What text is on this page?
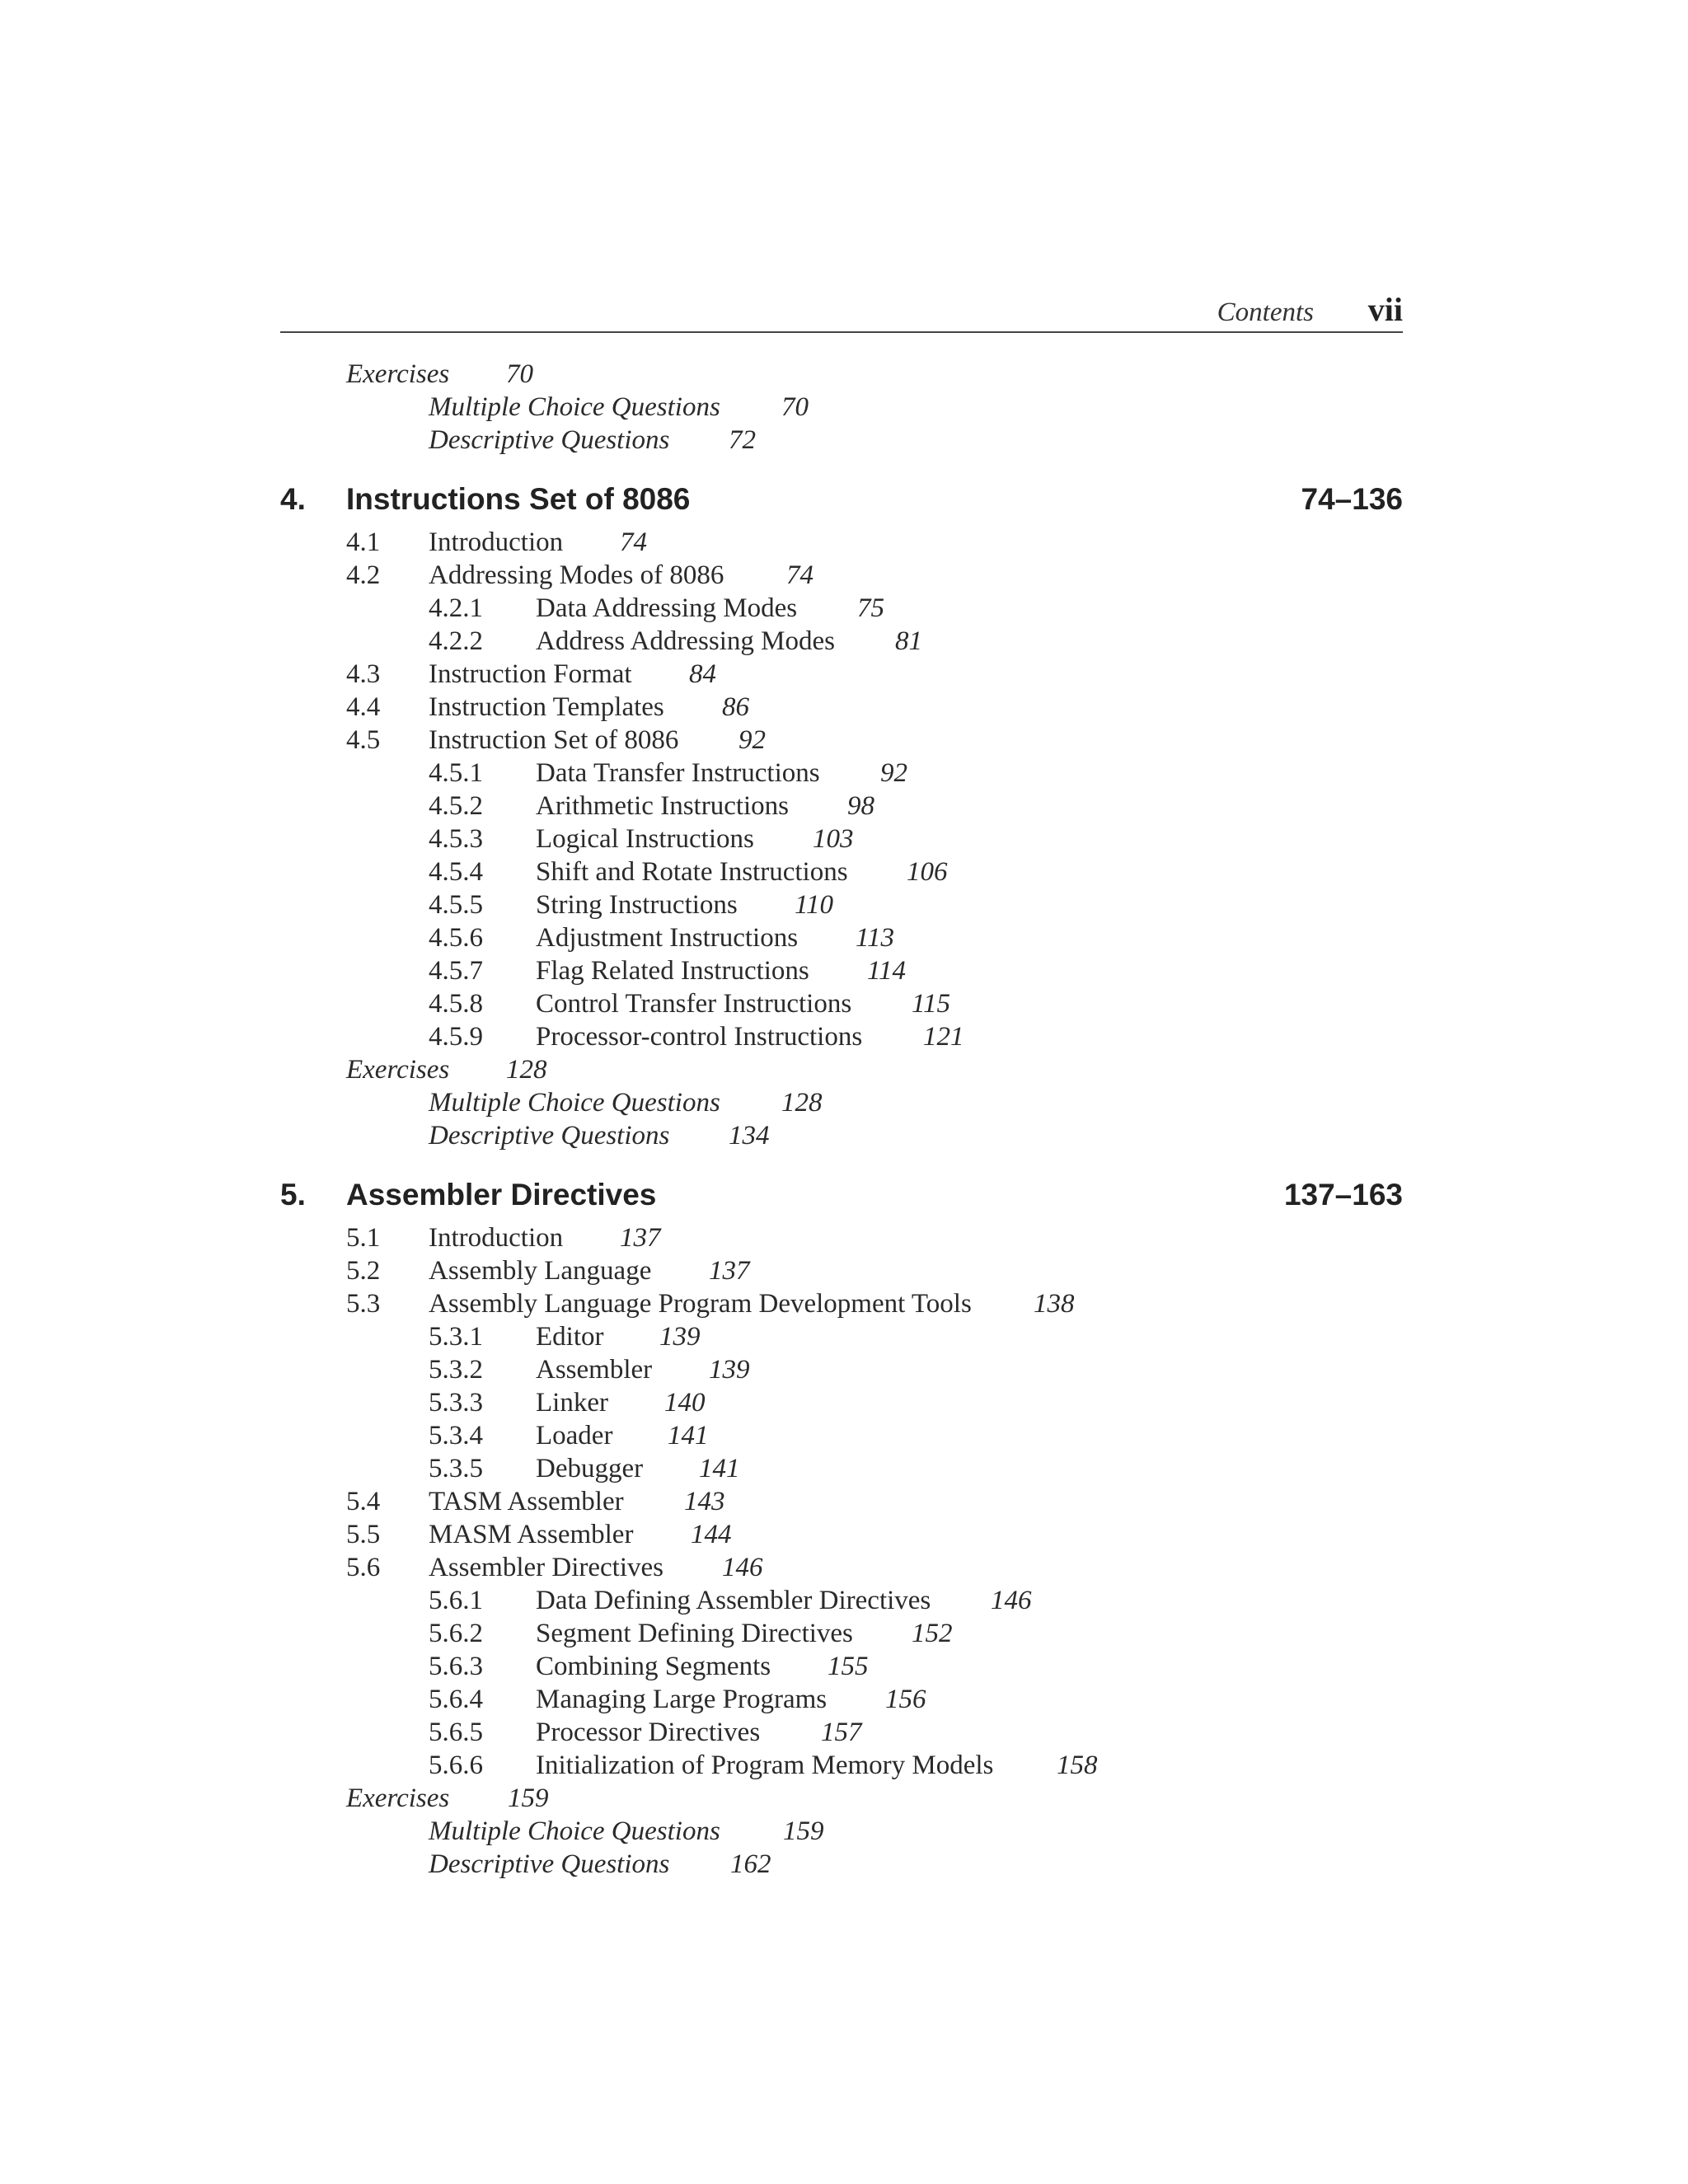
Contents vii
Exercises 70
Multiple Choice Questions 70
Descriptive Questions 72
4. Instructions Set of 8086	74–136
4.1 Introduction 74
4.2 Addressing Modes of 8086 74
4.2.1 Data Addressing Modes 75
4.2.2 Address Addressing Modes 81
4.3 Instruction Format 84
4.4 Instruction Templates 86
4.5 Instruction Set of 8086 92
4.5.1 Data Transfer Instructions 92
4.5.2 Arithmetic Instructions 98
4.5.3 Logical Instructions 103
4.5.4 Shift and Rotate Instructions 106
4.5.5 String Instructions 110
4.5.6 Adjustment Instructions 113
4.5.7 Flag Related Instructions 114
4.5.8 Control Transfer Instructions 115
4.5.9 Processor-control Instructions 121
Exercises 128
Multiple Choice Questions 128
Descriptive Questions 134
5. Assembler Directives	137–163
5.1 Introduction 137
5.2 Assembly Language 137
5.3 Assembly Language Program Development Tools 138
5.3.1 Editor 139
5.3.2 Assembler 139
5.3.3 Linker 140
5.3.4 Loader 141
5.3.5 Debugger 141
5.4 TASM Assembler 143
5.5 MASM Assembler 144
5.6 Assembler Directives 146
5.6.1 Data Defining Assembler Directives 146
5.6.2 Segment Defining Directives 152
5.6.3 Combining Segments 155
5.6.4 Managing Large Programs 156
5.6.5 Processor Directives 157
5.6.6 Initialization of Program Memory Models 158
Exercises 159
Multiple Choice Questions 159
Descriptive Questions 162
